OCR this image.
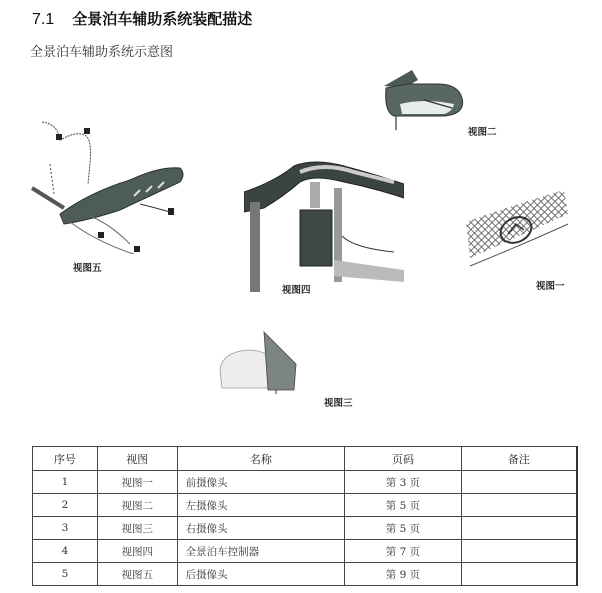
7.1 全景泊车辅助系统装配描述
全景泊车辅助系统示意图
视图二
视图五
视图四	视图一
视图三
序号	视图	名称	页码	备注
1	视图一	前摄像头	第 3 页	
2	视图二	左摄像头	第 5 页	
3	视图三	右摄像头	第 5 页	
4	视图四	全景泊车控制器	第 7 页	
5	视图五	后摄像头	第 9 页	
